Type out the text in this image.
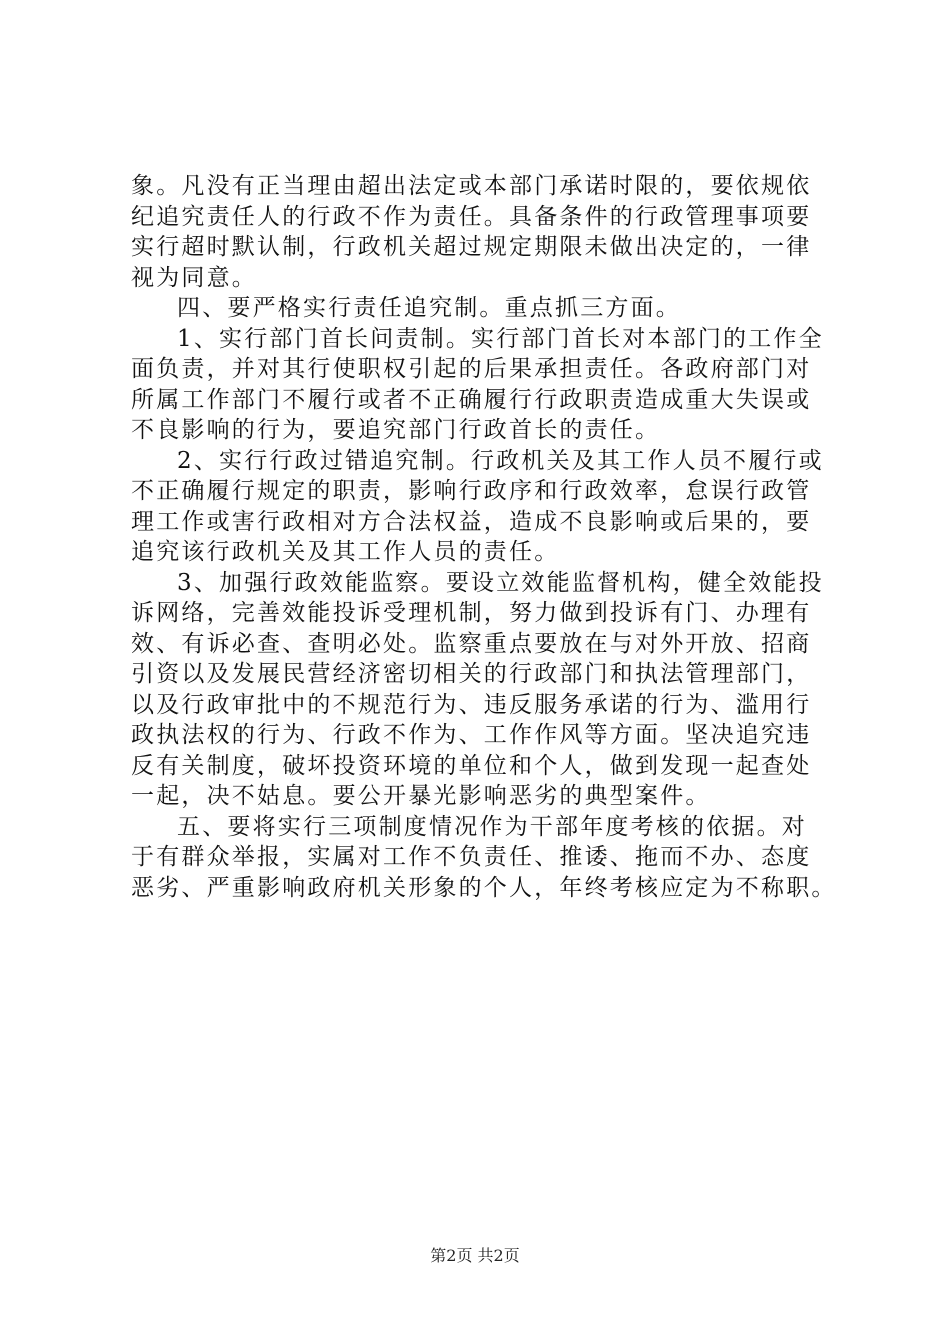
象。凡没有正当理由超出法定或本部门承诺时限的，要依规依
纪追究责任人的行政不作为责任。具备条件的行政管理事项要
实行超时默认制，行政机关超过规定期限未做出决定的，一律
视为同意。
四、要严格实行责任追究制。重点抓三方面。
1、实行部门首长问责制。实行部门首长对本部门的工作全
面负责，并对其行使职权引起的后果承担责任。各政府部门对
所属工作部门不履行或者不正确履行行政职责造成重大失误或
不良影响的行为，要追究部门行政首长的责任。
2、实行行政过错追究制。行政机关及其工作人员不履行或
不正确履行规定的职责，影响行政序和行政效率，怠误行政管
理工作或害行政相对方合法权益，造成不良影响或后果的，要
追究该行政机关及其工作人员的责任。
3、加强行政效能监察。要设立效能监督机构，健全效能投
诉网络，完善效能投诉受理机制，努力做到投诉有门、办理有
效、有诉必查、查明必处。监察重点要放在与对外开放、招商
引资以及发展民营经济密切相关的行政部门和执法管理部门，
以及行政审批中的不规范行为、违反服务承诺的行为、滥用行
政执法权的行为、行政不作为、工作作风等方面。坚决追究违
反有关制度，破坏投资环境的单位和个人，做到发现一起查处
一起，决不姑息。要公开暴光影响恶劣的典型案件。
五、要将实行三项制度情况作为干部年度考核的依据。对
于有群众举报，实属对工作不负责任、推诿、拖而不办、态度
恶劣、严重影响政府机关形象的个人，年终考核应定为不称职。
第2页 共2页
